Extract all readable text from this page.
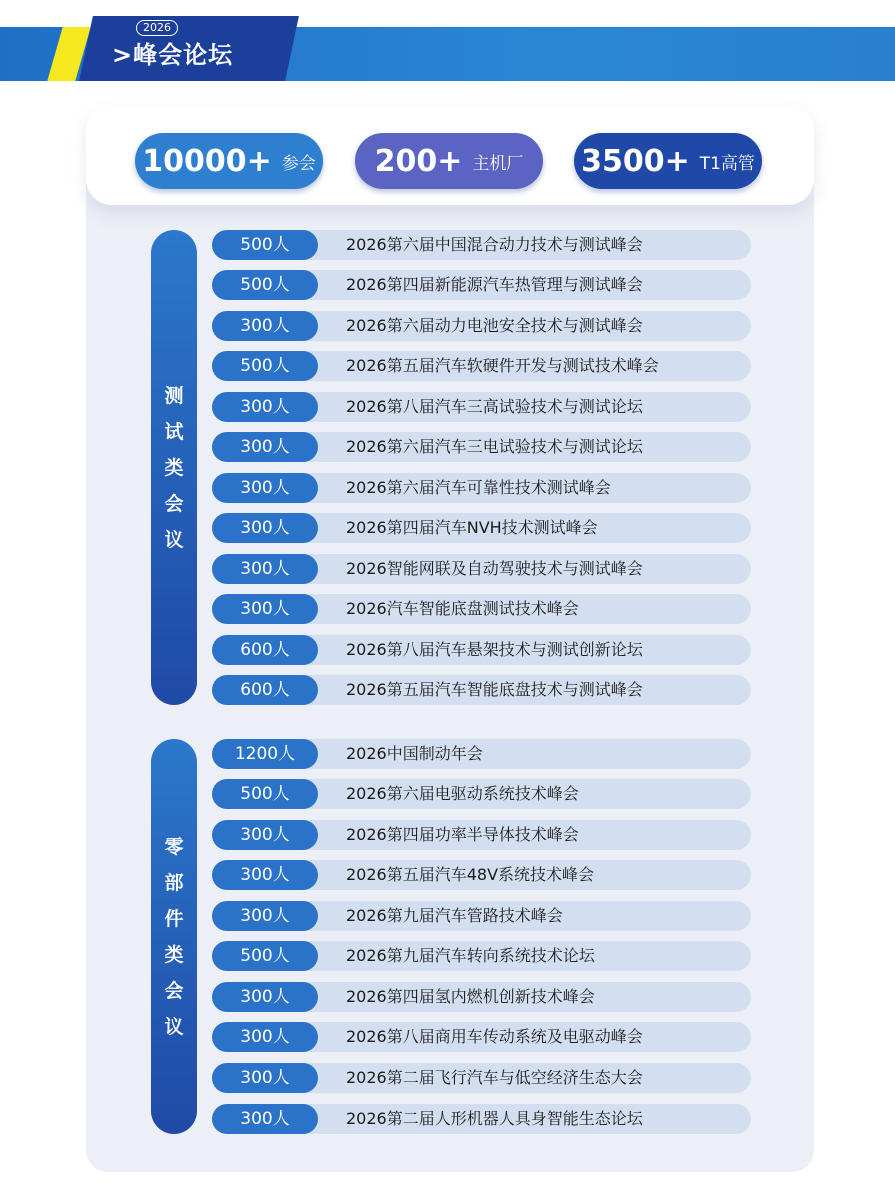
2026
>峰会论坛
10000+ 参会 200+ 主机厂 3500+ T1高管
测
试
类
会
议
500人	2026第六届中国混合动力技术与测试峰会
500人	2026第四届新能源汽车热管理与测试峰会
300人	2026第六届动力电池安全技术与测试峰会
500人	2026第五届汽车软硬件开发与测试技术峰会
300人	2026第八届汽车三高试验技术与测试论坛
300人	2026第六届汽车三电试验技术与测试论坛
300人	2026第六届汽车可靠性技术测试峰会
300人	2026第四届汽车NVH技术测试峰会
300人	2026智能网联及自动驾驶技术与测试峰会
300人	2026汽车智能底盘测试技术峰会
600人	2026第八届汽车悬架技术与测试创新论坛
600人	2026第五届汽车智能底盘技术与测试峰会
零
部
件
类
会
议
1200人	2026中国制动年会
500人	2026第六届电驱动系统技术峰会
300人	2026第四届功率半导体技术峰会
300人	2026第五届汽车48V系统技术峰会
300人	2026第九届汽车管路技术峰会
500人	2026第九届汽车转向系统技术论坛
300人	2026第四届氢内燃机创新技术峰会
300人	2026第八届商用车传动系统及电驱动峰会
300人	2026第二届飞行汽车与低空经济生态大会
300人	2026第二届人形机器人具身智能生态论坛
